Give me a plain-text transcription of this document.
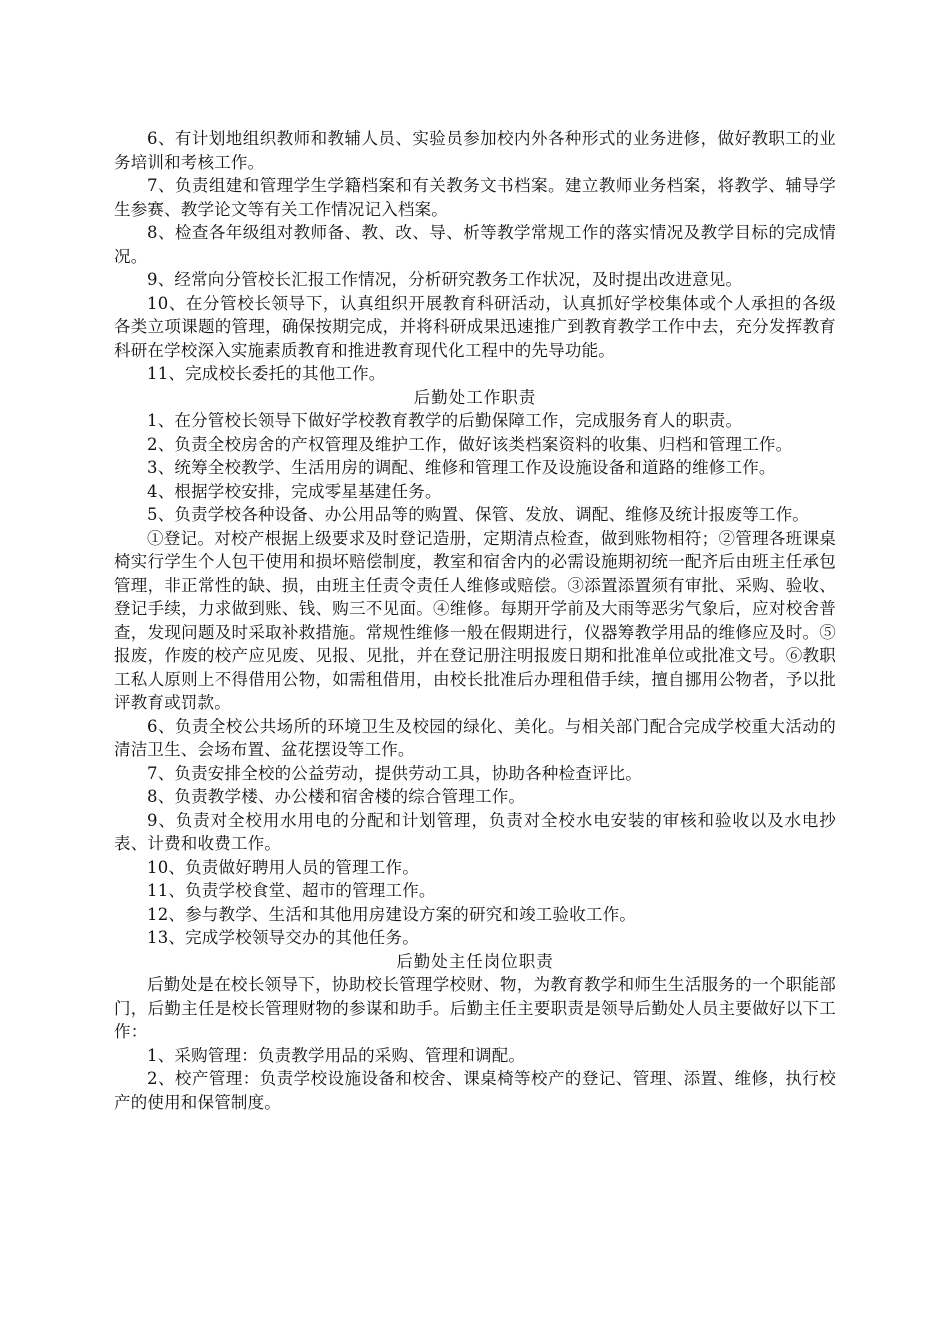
6、有计划地组织教师和教辅人员、实验员参加校内外各种形式的业务进修，做好教职工的业务培训和考核工作。

7、负责组建和管理学生学籍档案和有关教务文书档案。建立教师业务档案，将教学、辅导学生参赛、教学论文等有关工作情况记入档案。

8、检查各年级组对教师备、教、改、导、析等教学常规工作的落实情况及教学目标的完成情况。

9、经常向分管校长汇报工作情况，分析研究教务工作状况，及时提出改进意见。

10、在分管校长领导下，认真组织开展教育科研活动，认真抓好学校集体或个人承担的各级各类立项课题的管理，确保按期完成，并将科研成果迅速推广到教育教学工作中去，充分发挥教育科研在学校深入实施素质教育和推进教育现代化工程中的先导功能。

11、完成校长委托的其他工作。

后勤处工作职责

1、在分管校长领导下做好学校教育教学的后勤保障工作，完成服务育人的职责。

2、负责全校房舍的产权管理及维护工作，做好该类档案资料的收集、归档和管理工作。

3、统筹全校教学、生活用房的调配、维修和管理工作及设施设备和道路的维修工作。

4、根据学校安排，完成零星基建任务。

5、负责学校各种设备、办公用品等的购置、保管、发放、调配、维修及统计报废等工作。

①登记。对校产根据上级要求及时登记造册，定期清点检查，做到账物相符；②管理各班课桌椅实行学生个人包干使用和损坏赔偿制度，教室和宿舍内的必需设施期初统一配齐后由班主任承包管理，非正常性的缺、损，由班主任责令责任人维修或赔偿。③添置添置须有审批、采购、验收、登记手续，力求做到账、钱、购三不见面。④维修。每期开学前及大雨等恶劣气象后，应对校舍普查，发现问题及时采取补救措施。常规性维修一般在假期进行，仪器筹教学用品的维修应及时。⑤报废，作废的校产应见废、见报、见批，并在登记册注明报废日期和批准单位或批准文号。⑥教职工私人原则上不得借用公物，如需租借用，由校长批准后办理租借手续，擅自挪用公物者，予以批评教育或罚款。

6、负责全校公共场所的环境卫生及校园的绿化、美化。与相关部门配合完成学校重大活动的清洁卫生、会场布置、盆花摆设等工作。

7、负责安排全校的公益劳动，提供劳动工具，协助各种检查评比。

8、负责教学楼、办公楼和宿舍楼的综合管理工作。

9、负责对全校用水用电的分配和计划管理，负责对全校水电安装的审核和验收以及水电抄表、计费和收费工作。

10、负责做好聘用人员的管理工作。

11、负责学校食堂、超市的管理工作。

12、参与教学、生活和其他用房建设方案的研究和竣工验收工作。

13、完成学校领导交办的其他任务。

后勤处主任岗位职责

后勤处是在校长领导下，协助校长管理学校财、物，为教育教学和师生生活服务的一个职能部门，后勤主任是校长管理财物的参谋和助手。后勤主任主要职责是领导后勤处人员主要做好以下工作：

1、采购管理：负责教学用品的采购、管理和调配。

2、校产管理：负责学校设施设备和校舍、课桌椅等校产的登记、管理、添置、维修，执行校产的使用和保管制度。
